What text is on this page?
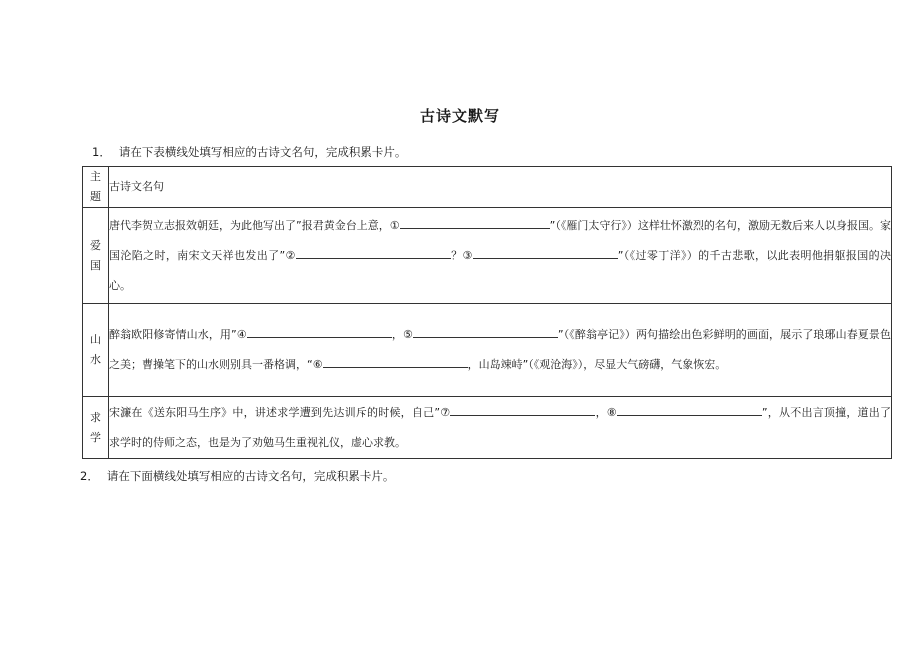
古诗文默写
1． 请在下表横线处填写相应的古诗文名句，完成积累卡片。
主
题	古诗文名句

爱
国	唐代李贺立志报效朝廷，为此他写出了”报君黄金台上意，① ”（《雁门太守行》）这样壮怀激烈的名句，激励无数后来人以身报国。家国沦陷之时，南宋文天祥也发出了”② ？③ ”（《过零丁洋》）的千古悲歌，以此表明他捐躯报国的决心。

山
水	醉翁欧阳修寄情山水，用”④ ，⑤ ”（《醉翁亭记》）两句描绘出色彩鲜明的画面，展示了琅琊山春夏景色之美；曹操笔下的山水则别具一番格调，“⑥ ，山岛竦峙”（《观沧海》），尽显大气磅礴，气象恢宏。

求
学	宋濂在《送东阳马生序》中，讲述求学遭到先达训斥的时候，自己”⑦ ，⑧ ”，从不出言顶撞，道出了求学时的侍师之态，也是为了劝勉马生重视礼仪，虚心求教。
2． 请在下面横线处填写相应的古诗文名句，完成积累卡片。
